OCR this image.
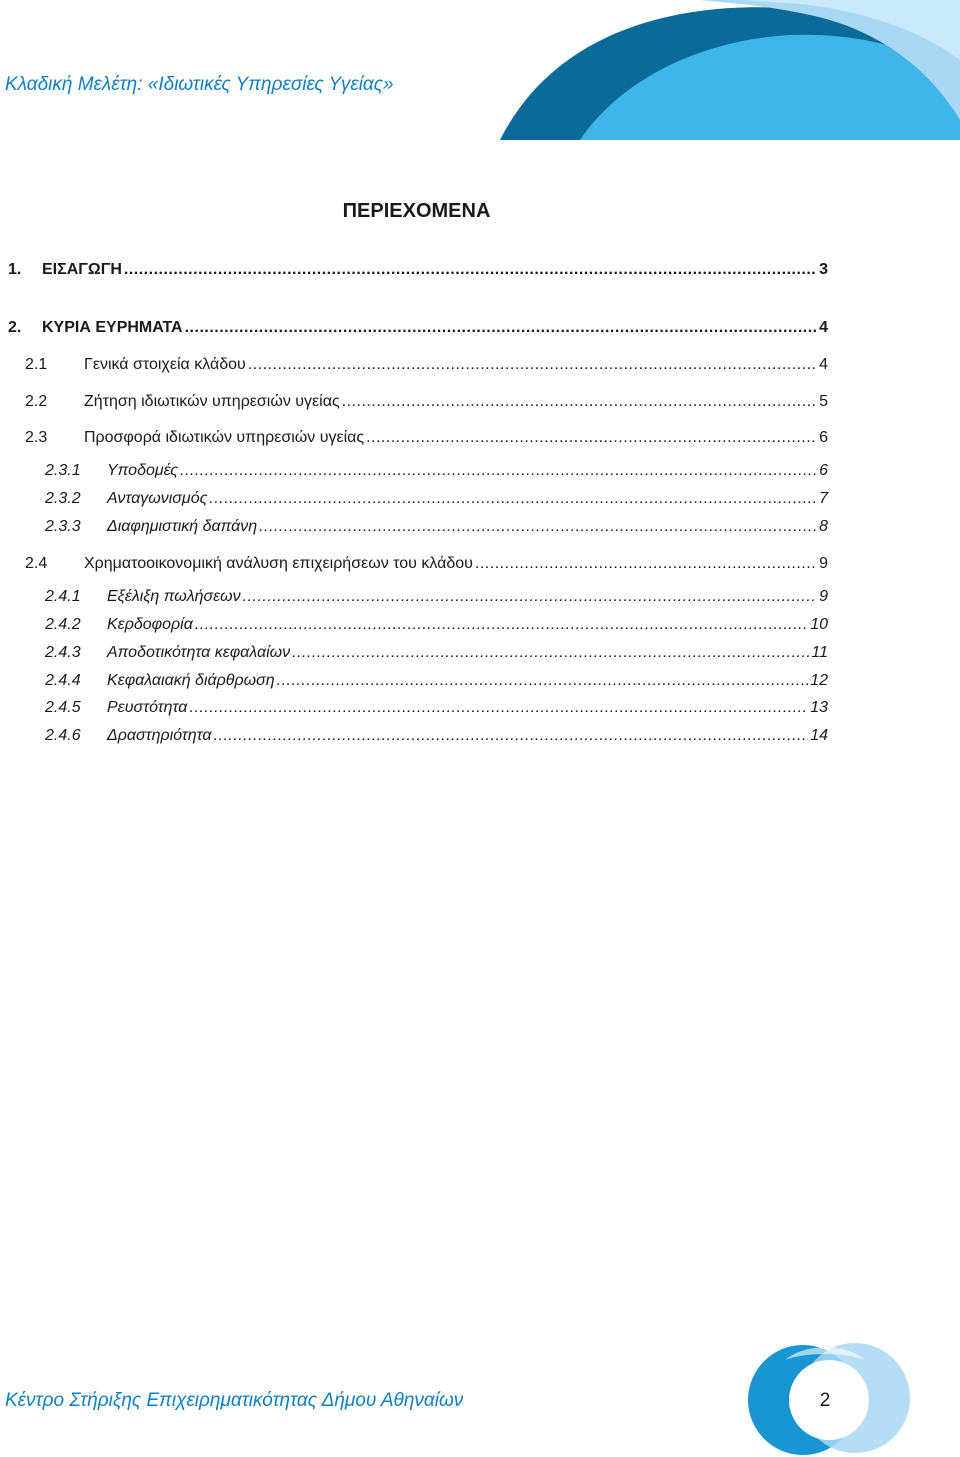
Κλαδική Μελέτη: «Ιδιωτικές Υπηρεσίες Υγείας»
ΠΕΡΙΕΧΟΜΕΝΑ
1.	ΕΙΣΑΓΩΓΗ .....	3
2.	ΚΥΡΙΑ ΕΥΡΗΜΑΤΑ .....	4
2.1	Γενικά στοιχεία κλάδου .....	4
2.2	Ζήτηση ιδιωτικών υπηρεσιών υγείας .....	5
2.3	Προσφορά ιδιωτικών υπηρεσιών υγείας .....	6
2.3.1	Υποδομές .....	6
2.3.2	Ανταγωνισμός .....	7
2.3.3	Διαφημιστική δαπάνη .....	8
2.4	Χρηματοοικονομική ανάλυση επιχειρήσεων του κλάδου .....	9
2.4.1	Εξέλιξη πωλήσεων .....	9
2.4.2	Κερδοφορία .....	10
2.4.3	Αποδοτικότητα κεφαλαίων .....	11
2.4.4	Κεφαλαιακή διάρθρωση .....	12
2.4.5	Ρευστότητα .....	13
2.4.6	Δραστηριότητα .....	14
Κέντρο Στήριξης Επιχειρηματικότητας Δήμου Αθηναίων	2
